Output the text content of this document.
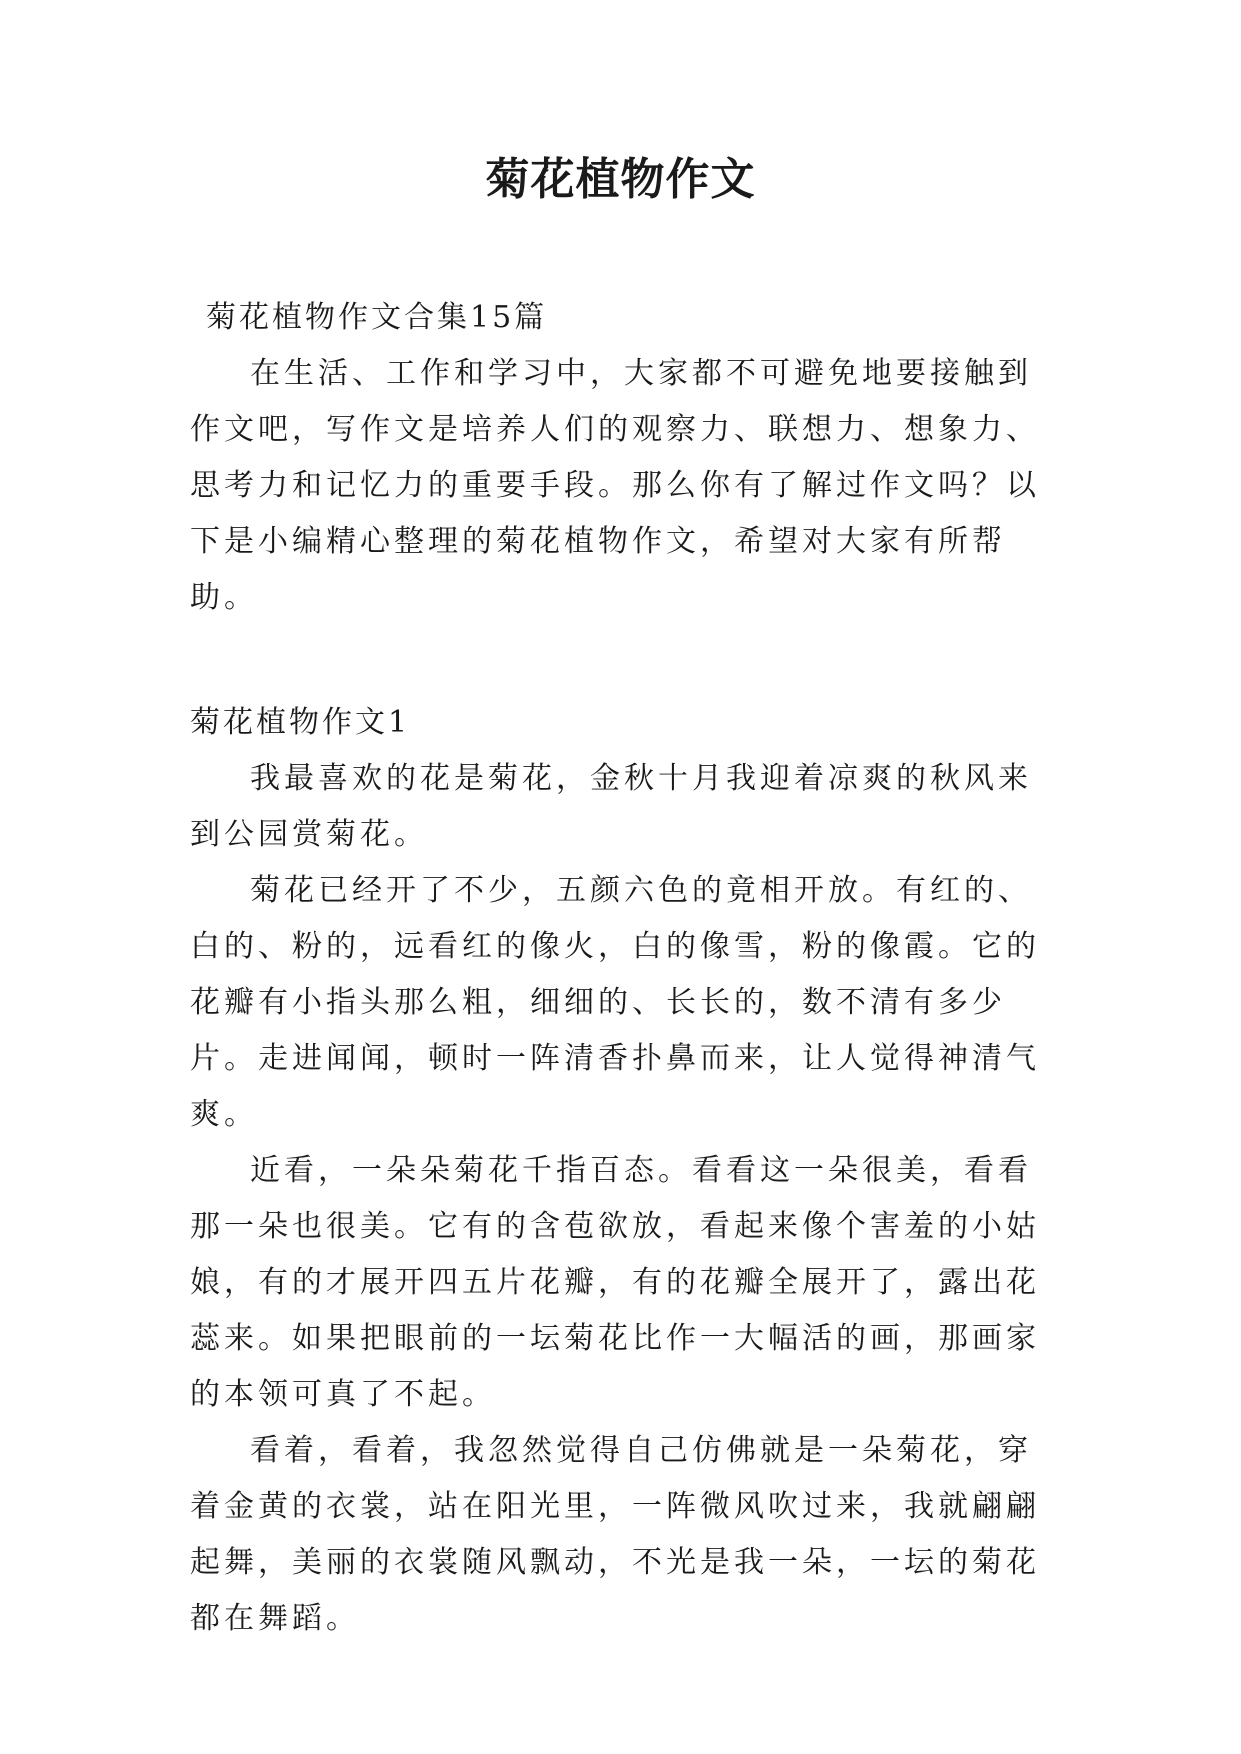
菊花植物作文
菊花植物作文合集15篇

在生活、工作和学习中，大家都不可避免地要接触到作文吧，写作文是培养人们的观察力、联想力、想象力、思考力和记忆力的重要手段。那么你有了解过作文吗？以下是小编精心整理的菊花植物作文，希望对大家有所帮助。

菊花植物作文1

我最喜欢的花是菊花，金秋十月我迎着凉爽的秋风来到公园赏菊花。

菊花已经开了不少，五颜六色的竟相开放。有红的、白的、粉的，远看红的像火，白的像雪，粉的像霞。它的花瓣有小指头那么粗，细细的、长长的，数不清有多少片。走进闻闻，顿时一阵清香扑鼻而来，让人觉得神清气爽。

近看，一朵朵菊花千指百态。看看这一朵很美，看看那一朵也很美。它有的含苞欲放，看起来像个害羞的小姑娘，有的才展开四五片花瓣，有的花瓣全展开了，露出花蕊来。如果把眼前的一坛菊花比作一大幅活的画，那画家的本领可真了不起。

看着，看着，我忽然觉得自己仿佛就是一朵菊花，穿着金黄的衣裳，站在阳光里，一阵微风吹过来，我就翩翩起舞，美丽的衣裳随风飘动，不光是我一朵，一坛的菊花都在舞蹈。
